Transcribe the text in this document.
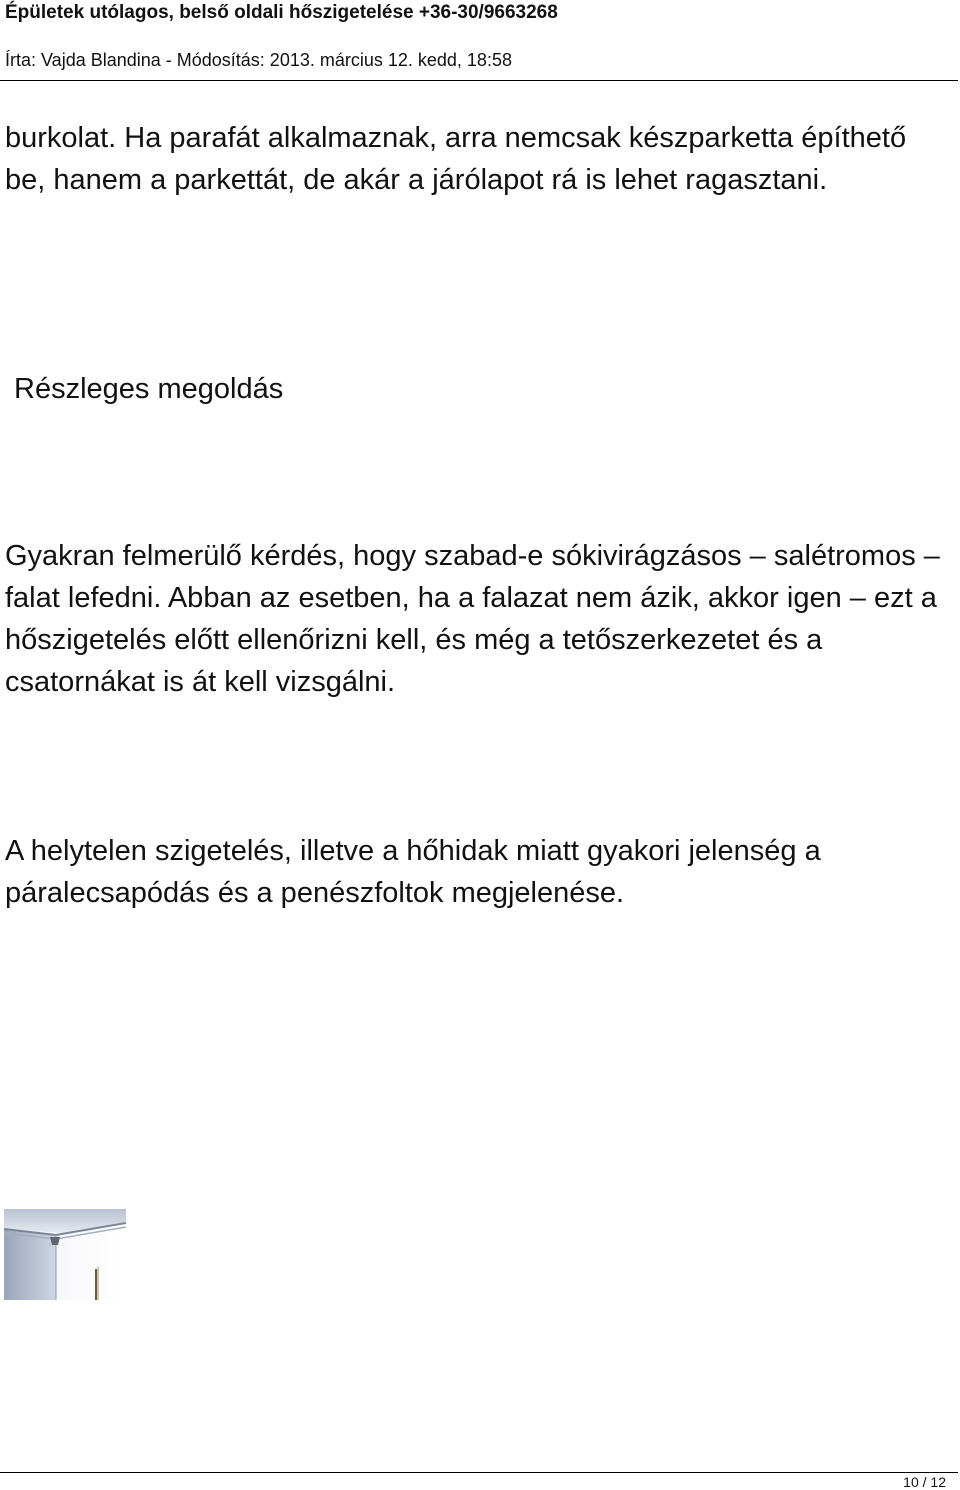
Épületek utólagos, belső oldali hőszigetelése +36-30/9663268

Írta: Vajda Blandina - Módosítás: 2013. március 12. kedd, 18:58

burkolat. Ha parafát alkalmaznak, arra nemcsak készparketta építhető be, hanem a parkettát, de akár a járólapot rá is lehet ragasztani.

Részleges megoldás

Gyakran felmerülő kérdés, hogy szabad-e sókivirágzásos – salétromos – falat lefedni. Abban az esetben, ha a falazat nem ázik, akkor igen – ezt a hőszigetelés előtt ellenőrizni kell, és még a tetőszerkezetet és a csatornákat is át kell vizsgálni.

A helytelen szigetelés, illetve a hőhidak miatt gyakori jelenség a páralecsapódás és a penészfoltok megjelenése.

10 / 12
